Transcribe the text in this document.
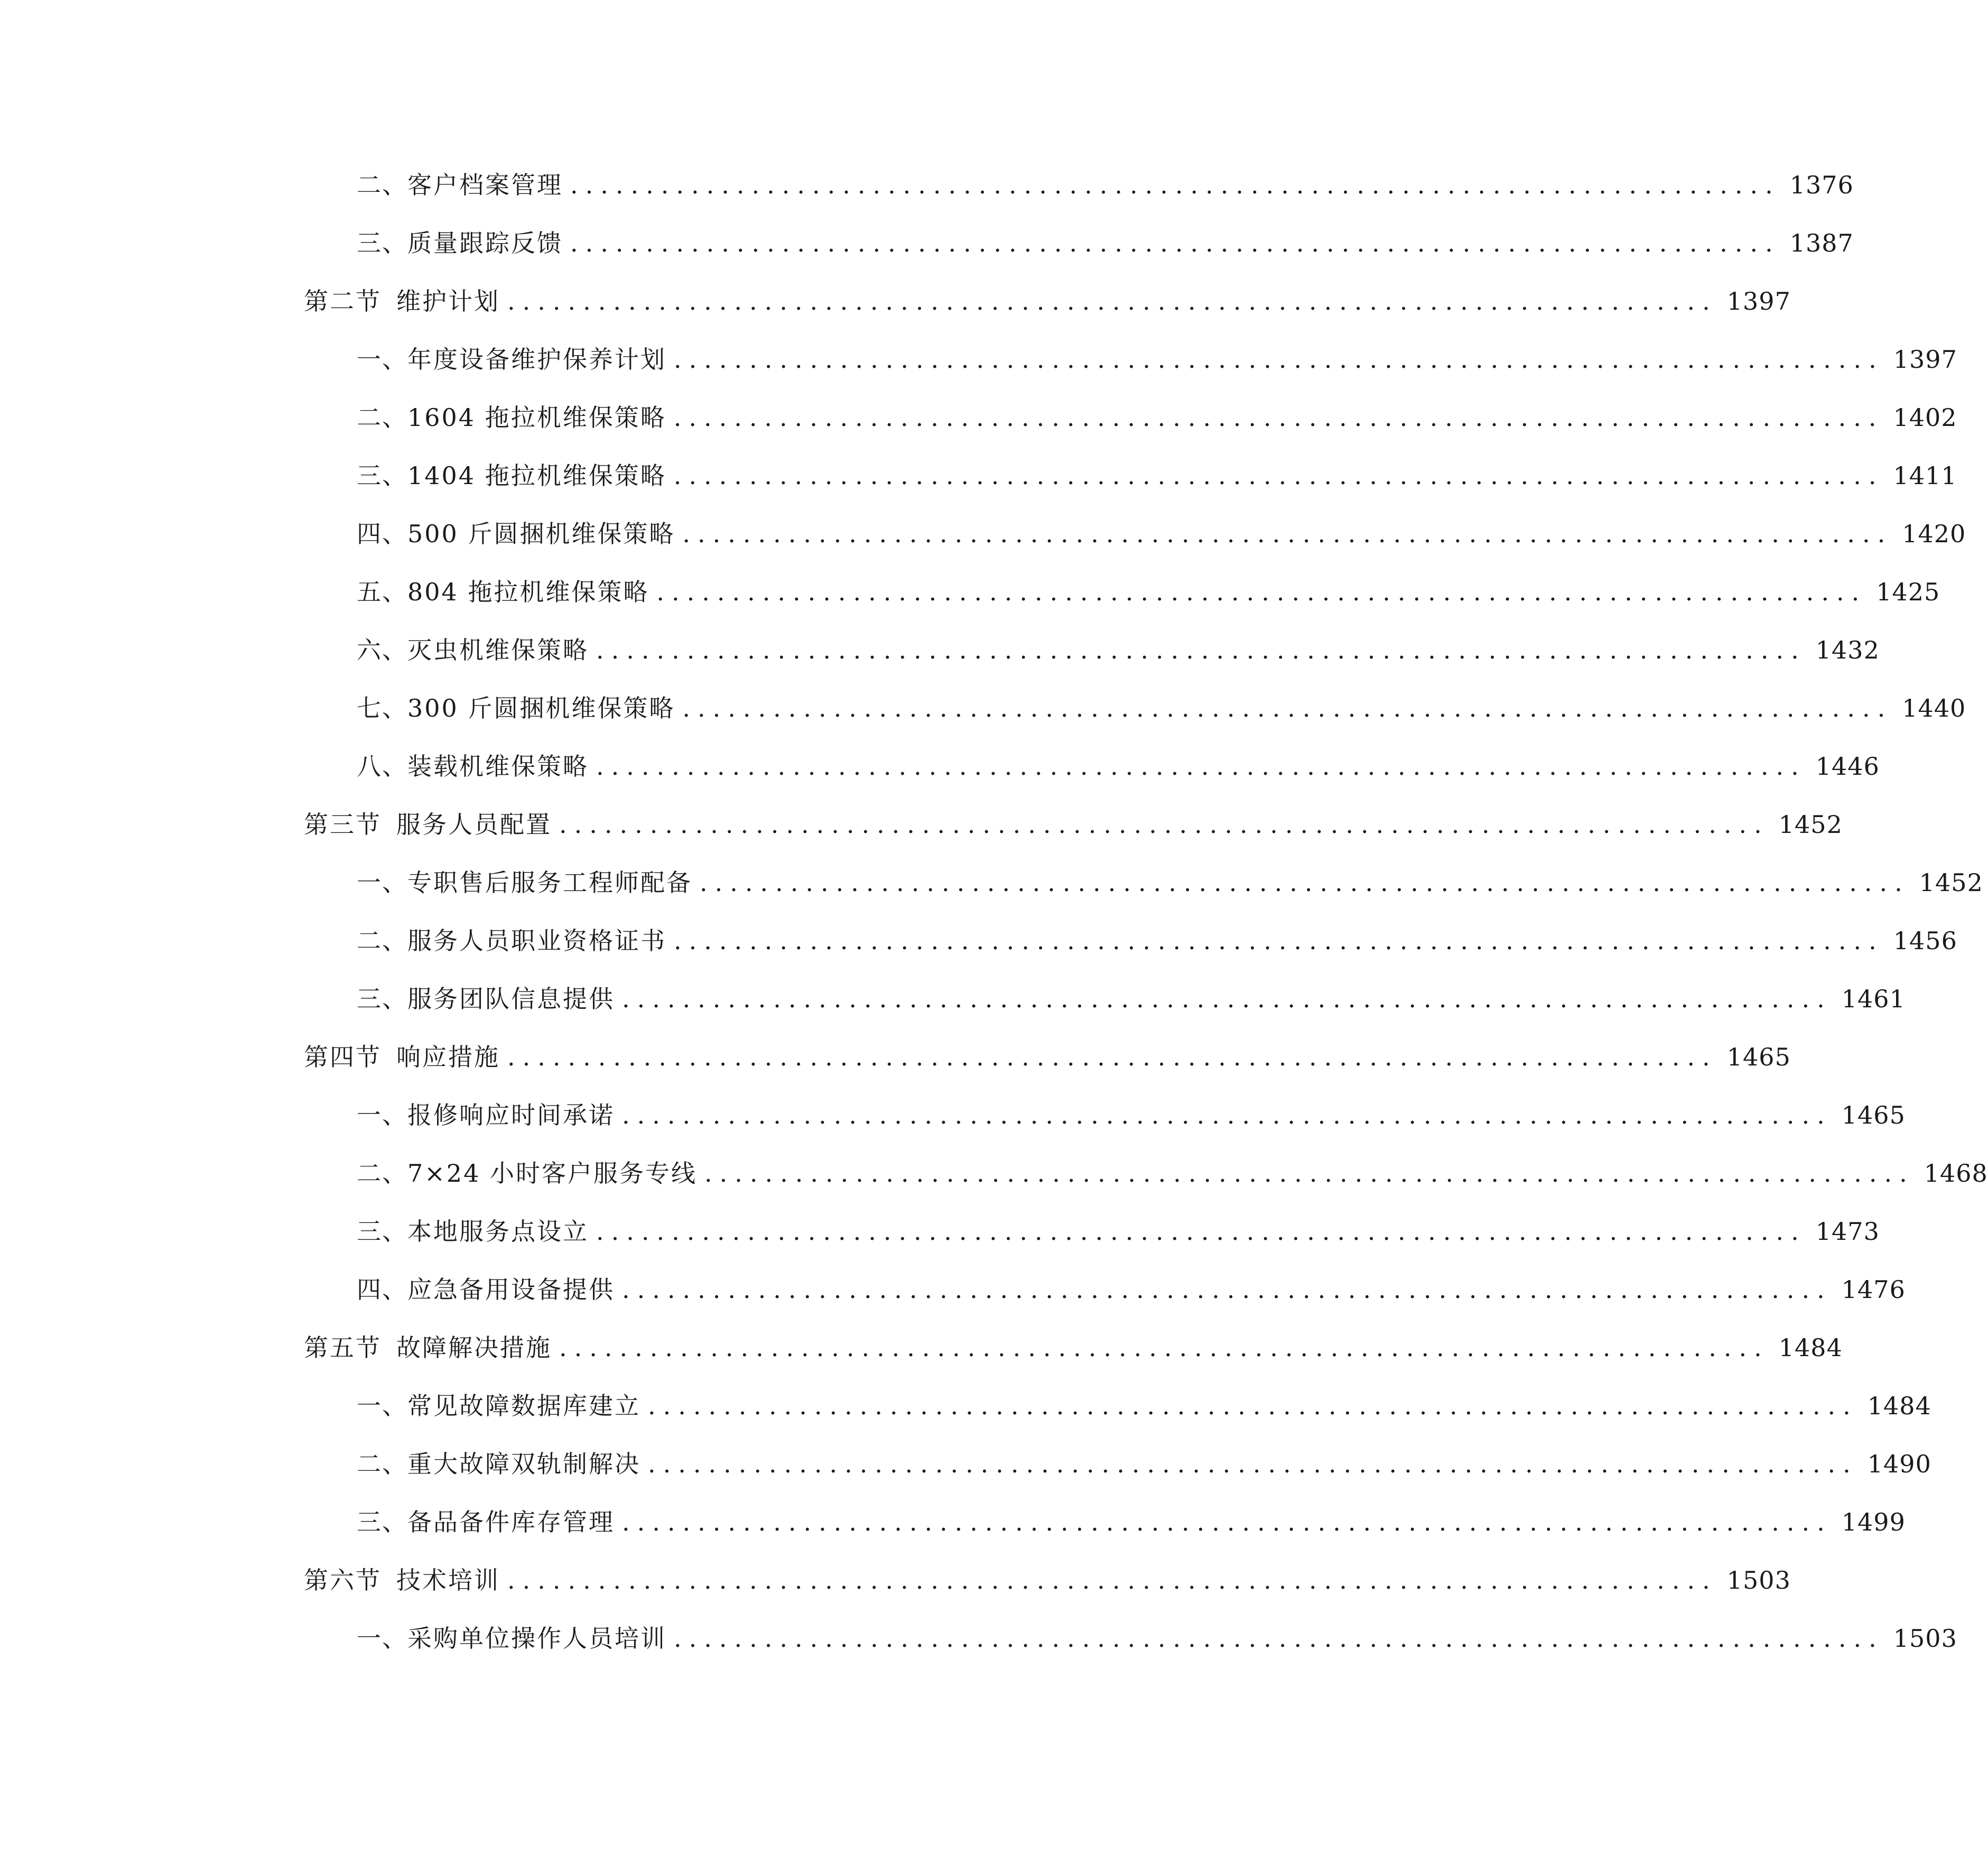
二、 客户档案管理 ................................................................................ 1376
三、 质量跟踪反馈 ................................................................................ 1387
第二节 维护计划 ................................................................................ 1397
一、 年度设备维护保养计划 ................................................................................ 1397
二、 1604 拖拉机维保策略 ................................................................................ 1402
三、 1404 拖拉机维保策略 ................................................................................ 1411
四、 500 斤圆捆机维保策略 ................................................................................ 1420
五、 804 拖拉机维保策略 ................................................................................ 1425
六、 灭虫机维保策略 ................................................................................ 1432
七、 300 斤圆捆机维保策略 ................................................................................ 1440
八、 装载机维保策略 ................................................................................ 1446
第三节 服务人员配置 ................................................................................ 1452
一、 专职售后服务工程师配备 ................................................................................ 1452
二、 服务人员职业资格证书 ................................................................................ 1456
三、 服务团队信息提供 ................................................................................ 1461
第四节 响应措施 ................................................................................ 1465
一、 报修响应时间承诺 ................................................................................ 1465
二、 7×24 小时客户服务专线 ................................................................................ 1468
三、 本地服务点设立 ................................................................................ 1473
四、 应急备用设备提供 ................................................................................ 1476
第五节 故障解决措施 ................................................................................ 1484
一、 常见故障数据库建立 ................................................................................ 1484
二、 重大故障双轨制解决 ................................................................................ 1490
三、 备品备件库存管理 ................................................................................ 1499
第六节 技术培训 ................................................................................ 1503
一、 采购单位操作人员培训 ................................................................................ 1503
